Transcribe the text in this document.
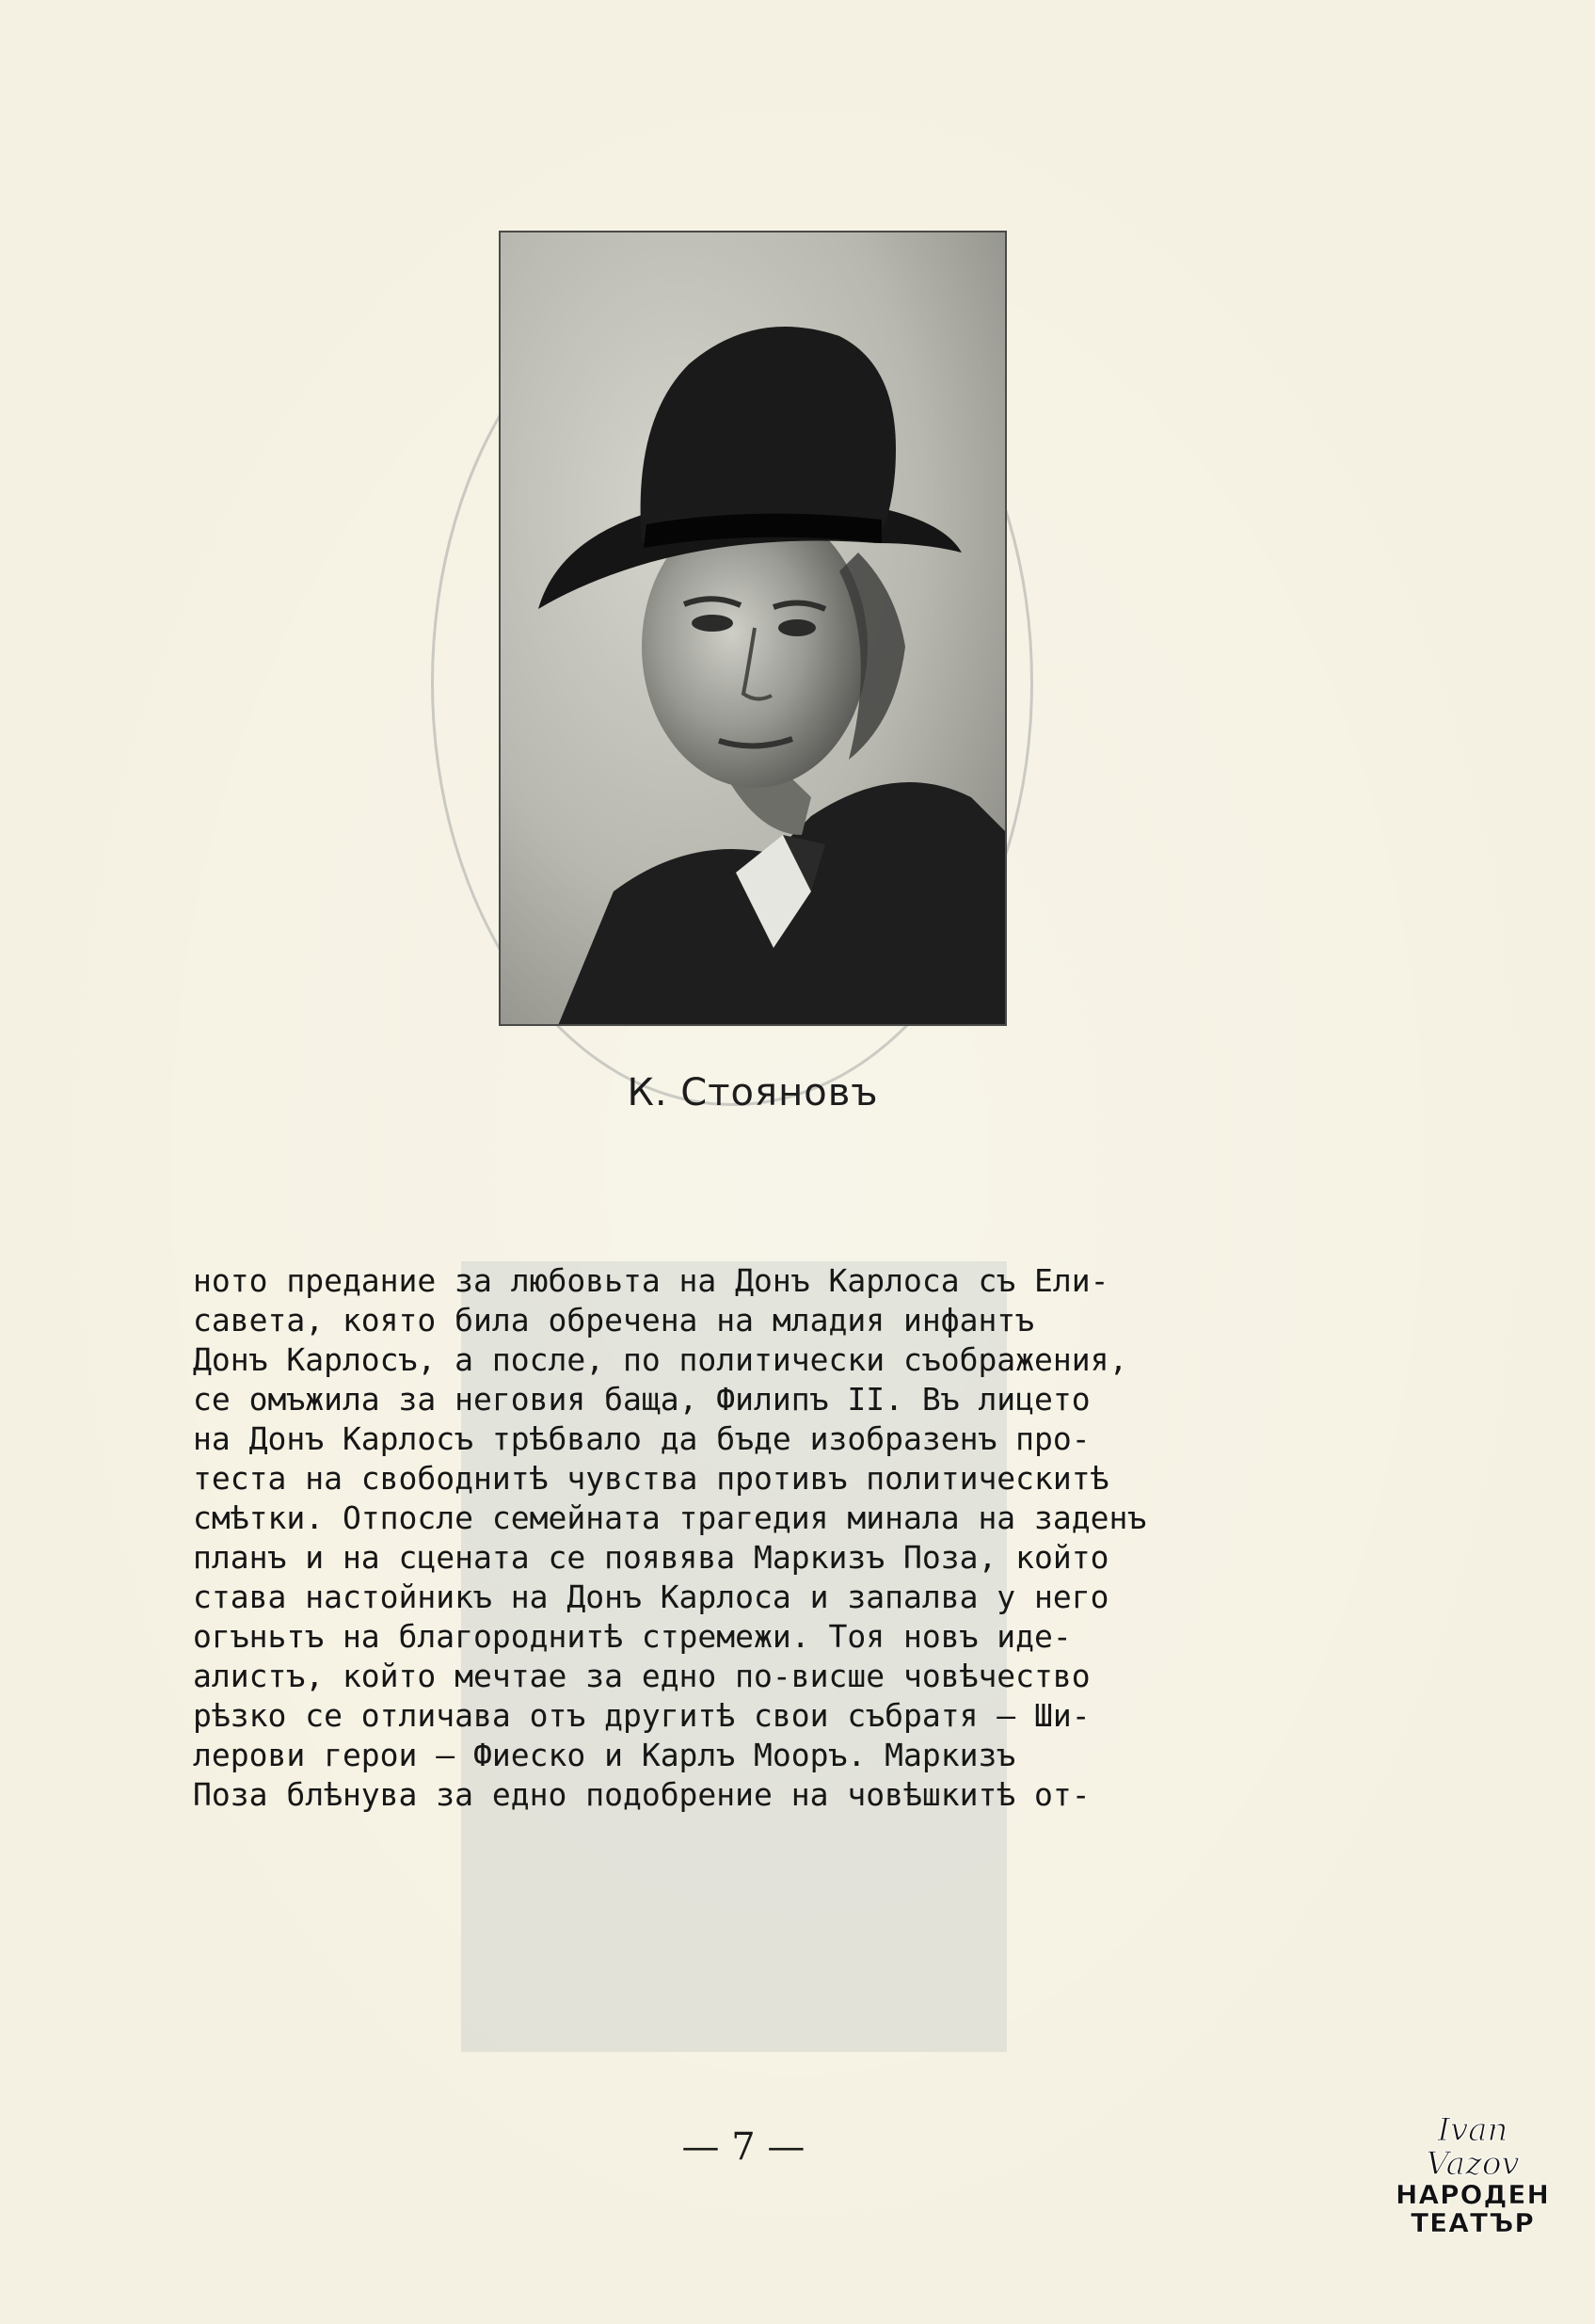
К. Стояновъ
ното предание за любовьта на Донъ Карлоса съ Ели-
савета, която била обречена на младия инфантъ
Донъ Карлосъ, а после, по политически съображения,
се омъжила за неговия баща, Филипъ II. Въ лицето
на Донъ Карлосъ трѣбвало да бъде изобразенъ про-
теста на свободнитѣ чувства противъ политическитѣ
смѣтки. Отпосле семейната трагедия минала на заденъ
планъ и на сцената се появява Маркизъ Поза, който
става настойникъ на Донъ Карлоса и запалва у него
огъньтъ на благороднитѣ стремежи. Тоя новъ иде-
алистъ, който мечтае за едно по-висше човѣчество
рѣзко се отличава отъ другитѣ свои събратя — Ши-
лерови герои — Фиеско и Карлъ Мооръ. Маркизъ
Поза блѣнува за едно подобрение на човѣшкитѣ от-
— 7 —	Ivan Vazov
НАРОДЕН
ТЕАТЪР
